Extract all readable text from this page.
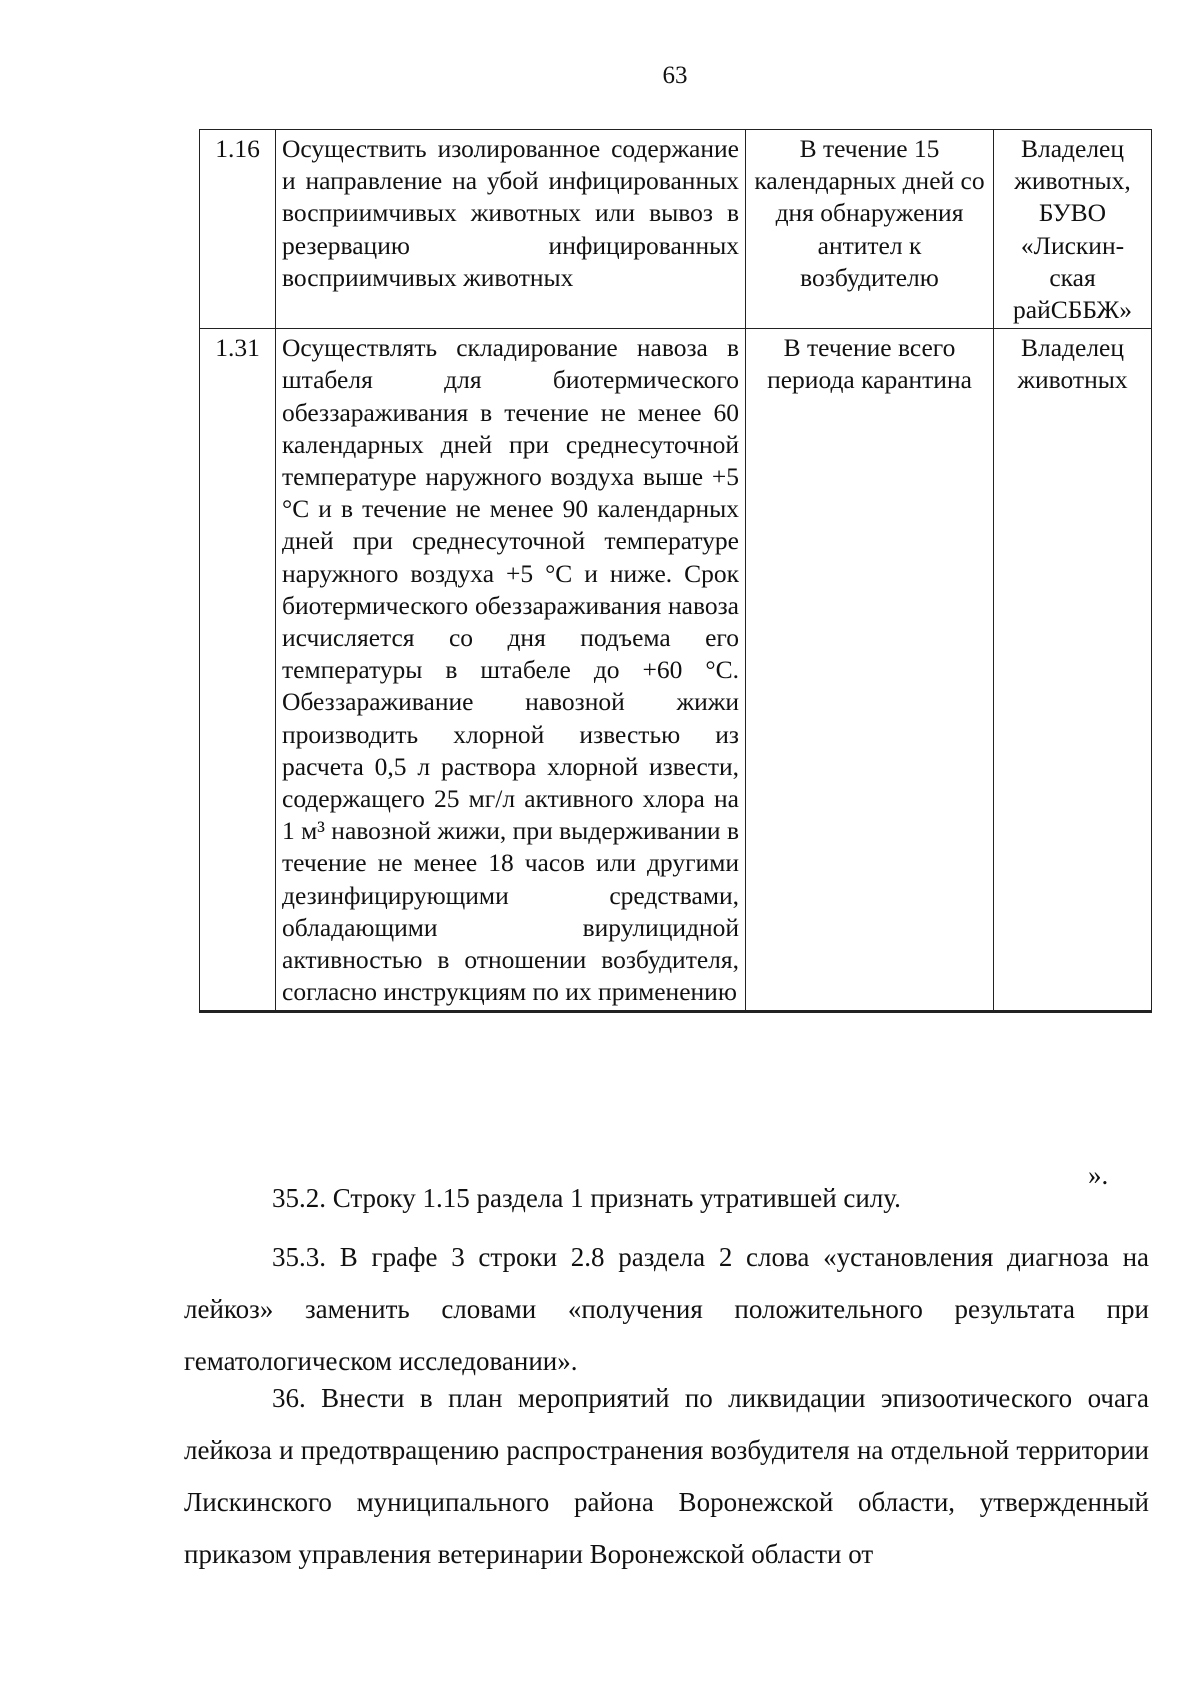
63
1.16	Осуществить изолированное содержание и направление на убой инфицированных восприимчивых животных или вывоз в резервацию инфицированных восприимчивых животных	В течение 15 календарных дней со дня обнаружения антител к возбудителю	Владелец животных, БУВО «Лискин-ская райСББЖ»
1.31	Осуществлять складирование навоза в штабеля для биотермического обеззараживания в течение не менее 60 календарных дней при среднесуточной температуре наружного воздуха выше +5 °С и в течение не менее 90 календарных дней при среднесуточной температуре наружного воздуха +5 °С и ниже. Срок биотермического обеззараживания навоза исчисляется со дня подъема его температуры в штабеле до +60 °С. Обеззараживание навозной жижи производить хлорной известью из расчета 0,5 л раствора хлорной извести, содержащего 25 мг/л активного хлора на 1 м³ навозной жижи, при выдерживании в течение не менее 18 часов или другими дезинфицирующими средствами, обладающими вирулицидной активностью в отношении возбудителя, согласно инструкциям по их применению	В течение всего периода карантина	Владелец животных
».

35.2. Строку 1.15 раздела 1 признать утратившей силу.

35.3. В графе 3 строки 2.8 раздела 2 слова «установления диагноза на лейкоз» заменить словами «получения положительного результата при гематологическом исследовании».

36. Внести в план мероприятий по ликвидации эпизоотического очага лейкоза и предотвращению распространения возбудителя на отдельной территории Лискинского муниципального района Воронежской области, утвержденный приказом управления ветеринарии Воронежской области от
